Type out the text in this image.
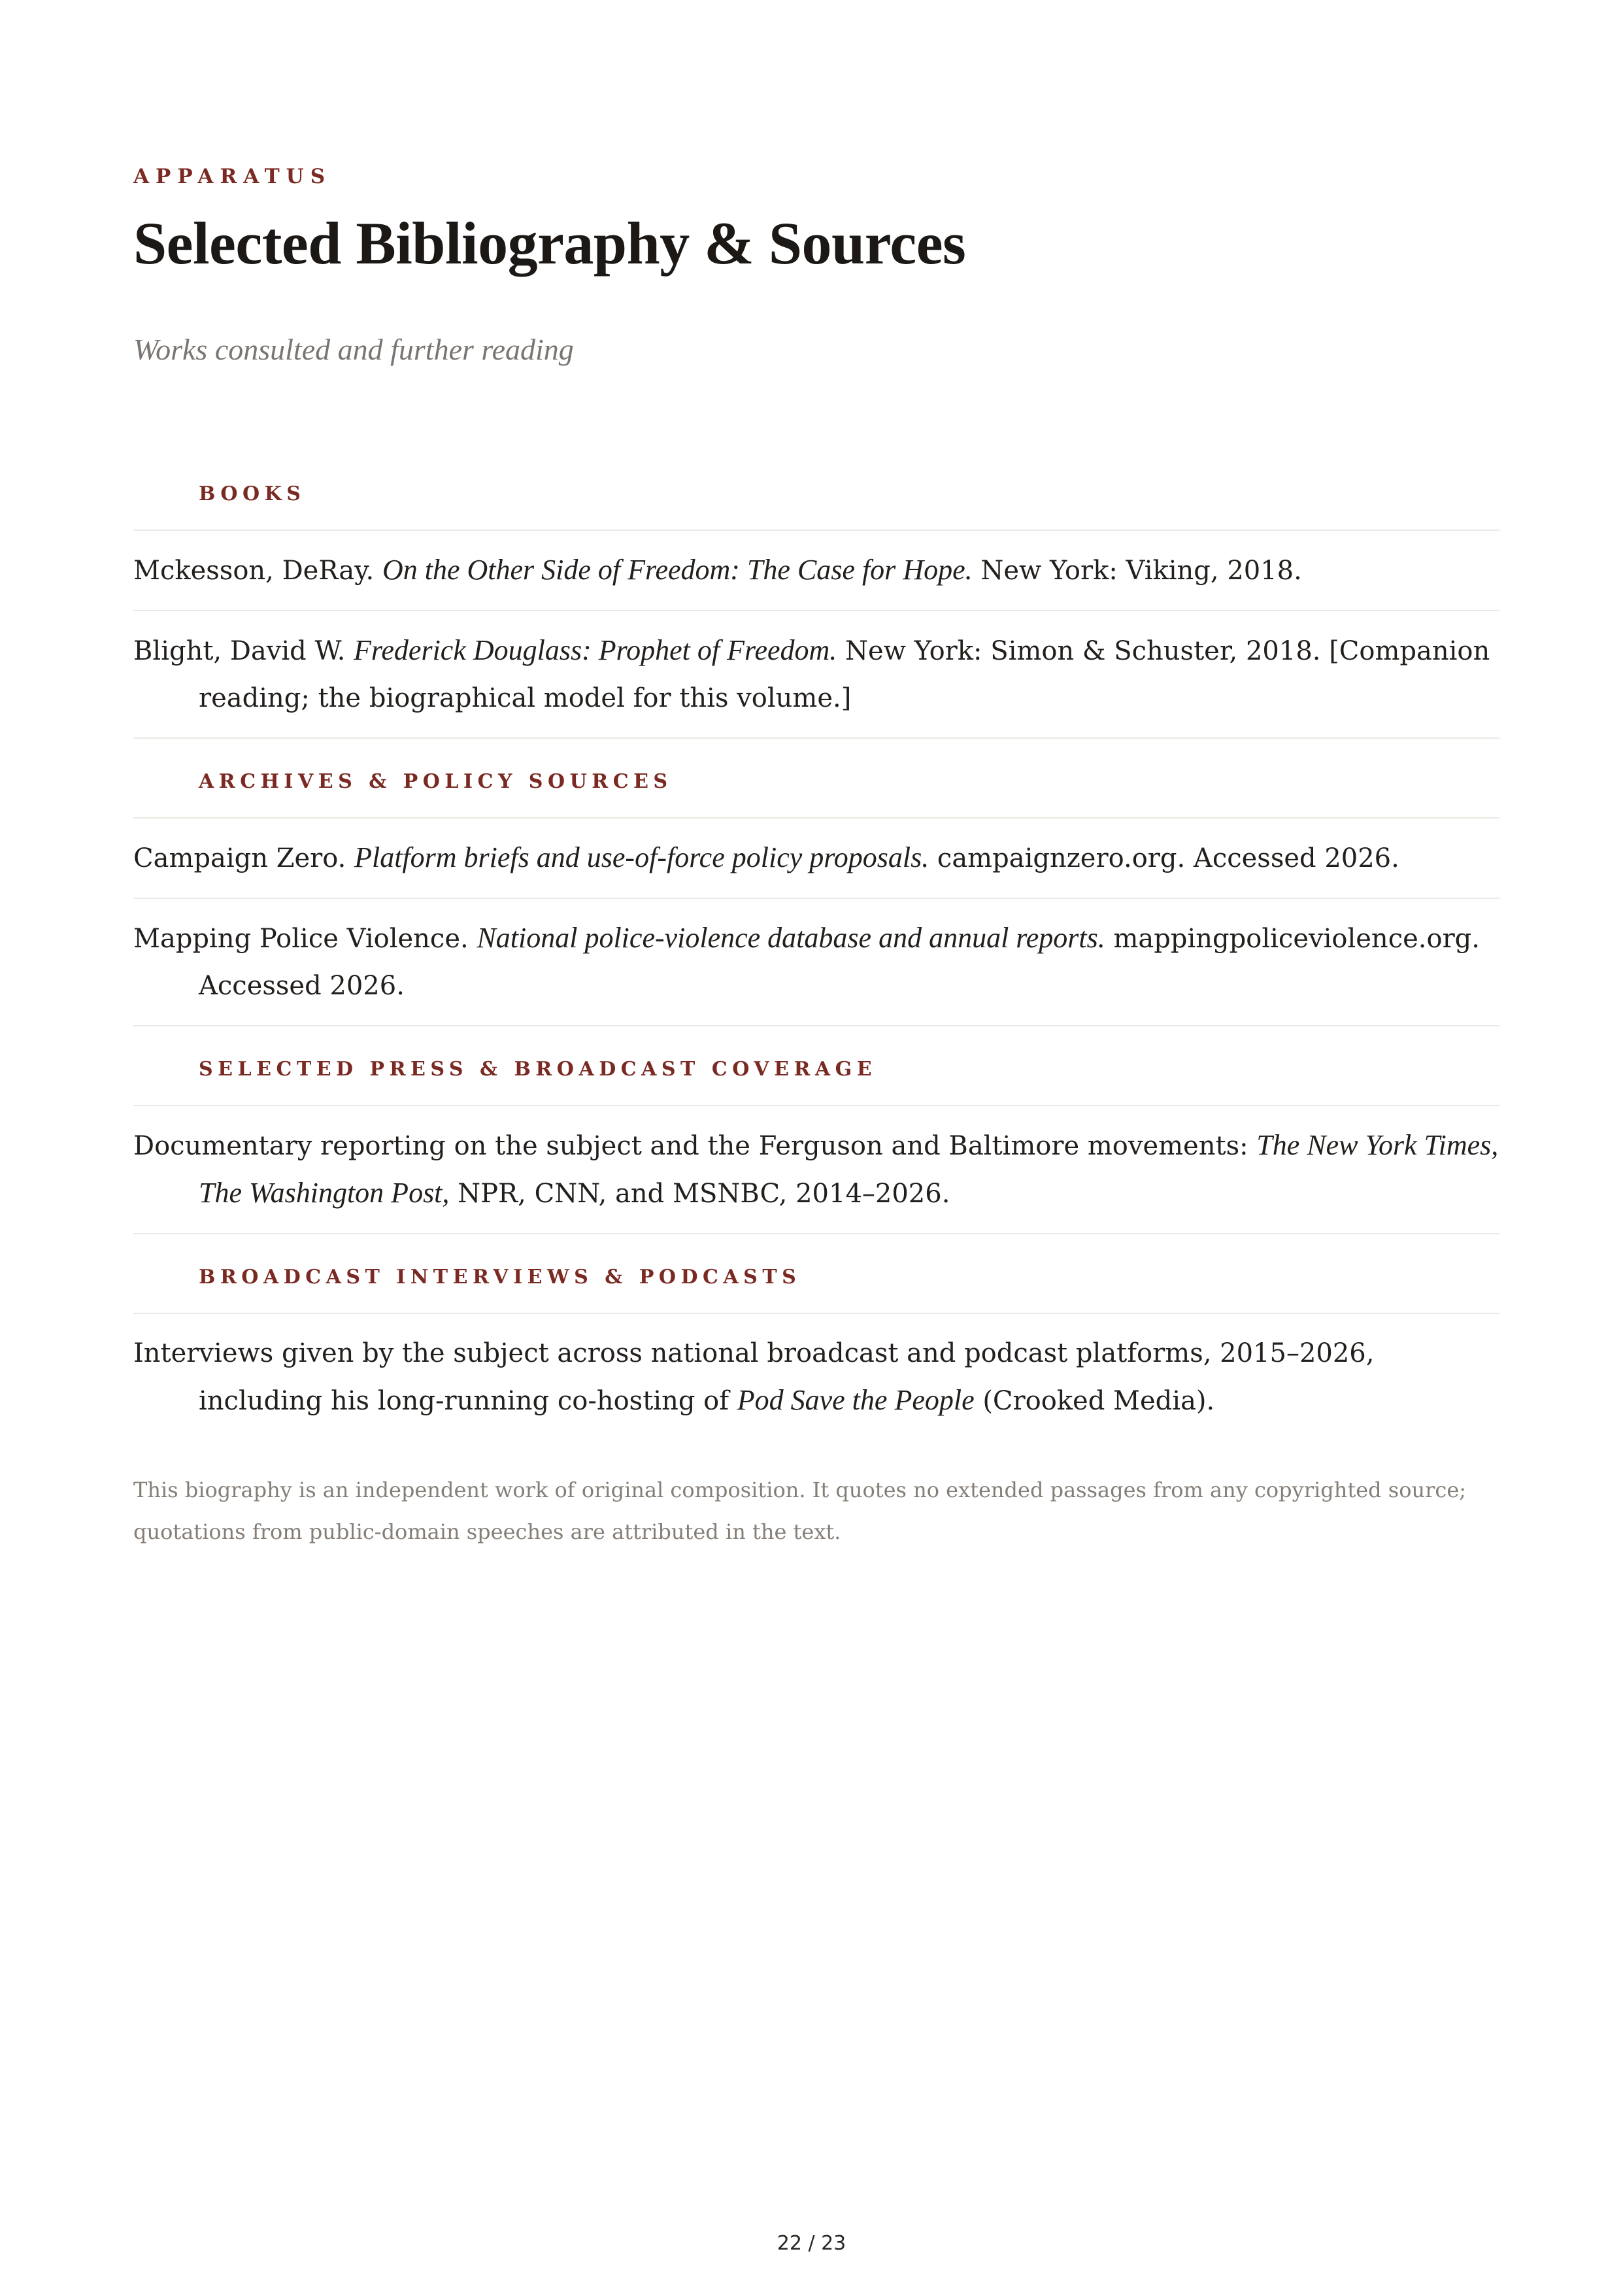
APPARATUS
Selected Bibliography & Sources
Works consulted and further reading
BOOKS
Mckesson, DeRay. On the Other Side of Freedom: The Case for Hope. New York: Viking, 2018.
Blight, David W. Frederick Douglass: Prophet of Freedom. New York: Simon & Schuster, 2018. [Companion reading; the biographical model for this volume.]
ARCHIVES & POLICY SOURCES
Campaign Zero. Platform briefs and use-of-force policy proposals. campaignzero.org. Accessed 2026.
Mapping Police Violence. National police-violence database and annual reports. mappingpoliceviolence.org. Accessed 2026.
SELECTED PRESS & BROADCAST COVERAGE
Documentary reporting on the subject and the Ferguson and Baltimore movements: The New York Times, The Washington Post, NPR, CNN, and MSNBC, 2014–2026.
BROADCAST INTERVIEWS & PODCASTS
Interviews given by the subject across national broadcast and podcast platforms, 2015–2026, including his long-running co-hosting of Pod Save the People (Crooked Media).
This biography is an independent work of original composition. It quotes no extended passages from any copyrighted source; quotations from public-domain speeches are attributed in the text.
22 / 23
